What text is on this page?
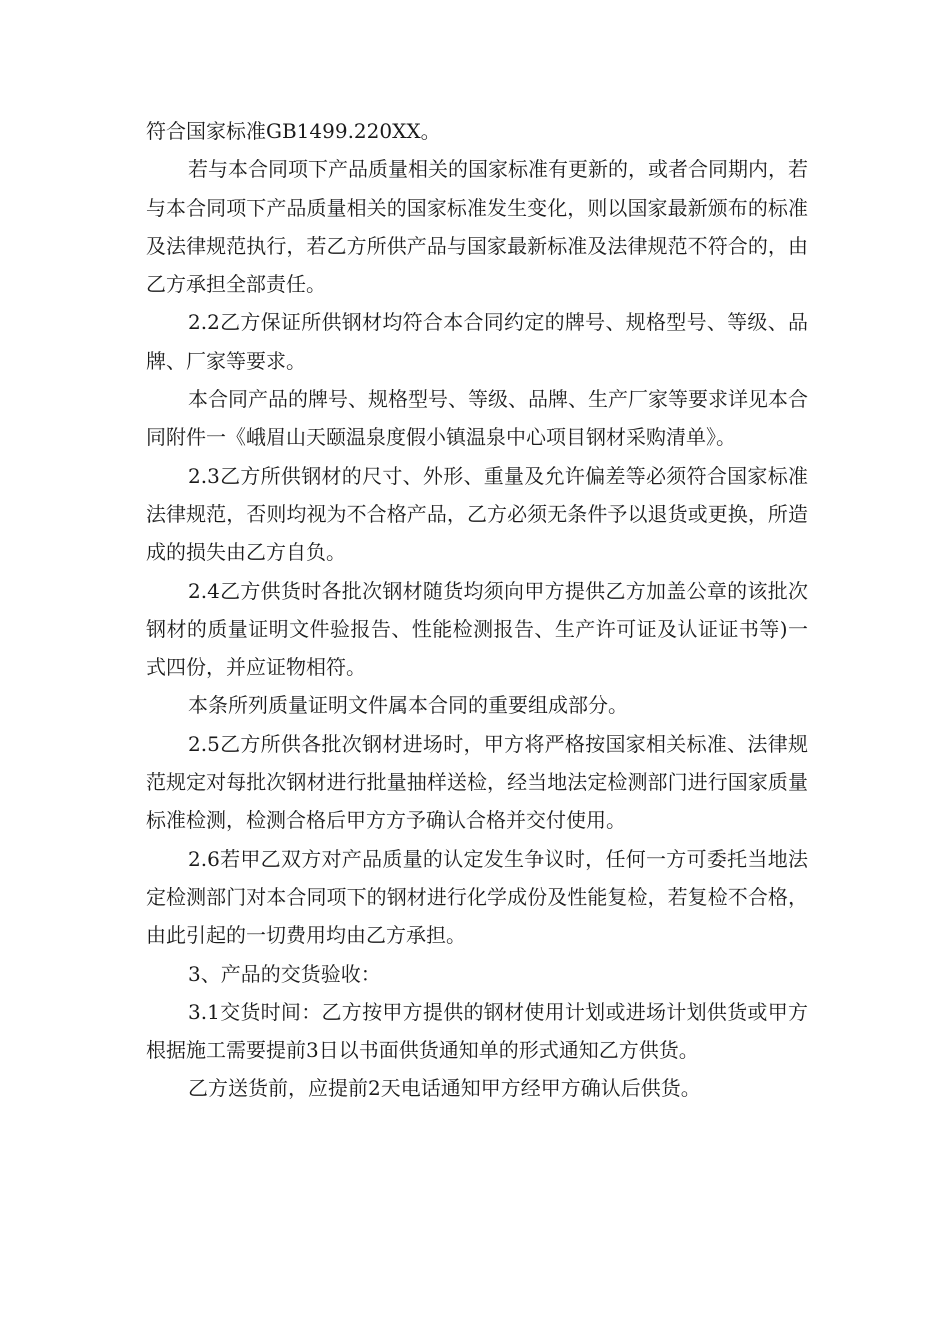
符合国家标准GB1499.220XX。

若与本合同项下产品质量相关的国家标准有更新的，或者合同期内，若与本合同项下产品质量相关的国家标准发生变化，则以国家最新颁布的标准及法律规范执行，若乙方所供产品与国家最新标准及法律规范不符合的，由乙方承担全部责任。

2.2乙方保证所供钢材均符合本合同约定的牌号、规格型号、等级、品牌、厂家等要求。

本合同产品的牌号、规格型号、等级、品牌、生产厂家等要求详见本合同附件一《峨眉山天颐温泉度假小镇温泉中心项目钢材采购清单》。

2.3乙方所供钢材的尺寸、外形、重量及允许偏差等必须符合国家标准法律规范，否则均视为不合格产品，乙方必须无条件予以退货或更换，所造成的损失由乙方自负。

2.4乙方供货时各批次钢材随货均须向甲方提供乙方加盖公章的该批次钢材的质量证明文件验报告、性能检测报告、生产许可证及认证证书等)一式四份，并应证物相符。

本条所列质量证明文件属本合同的重要组成部分。

2.5乙方所供各批次钢材进场时，甲方将严格按国家相关标准、法律规范规定对每批次钢材进行批量抽样送检，经当地法定检测部门进行国家质量标准检测，检测合格后甲方方予确认合格并交付使用。

2.6若甲乙双方对产品质量的认定发生争议时，任何一方可委托当地法定检测部门对本合同项下的钢材进行化学成份及性能复检，若复检不合格，由此引起的一切费用均由乙方承担。

3、产品的交货验收：

3.1交货时间：乙方按甲方提供的钢材使用计划或进场计划供货或甲方根据施工需要提前3日以书面供货通知单的形式通知乙方供货。

乙方送货前，应提前2天电话通知甲方经甲方确认后供货。
